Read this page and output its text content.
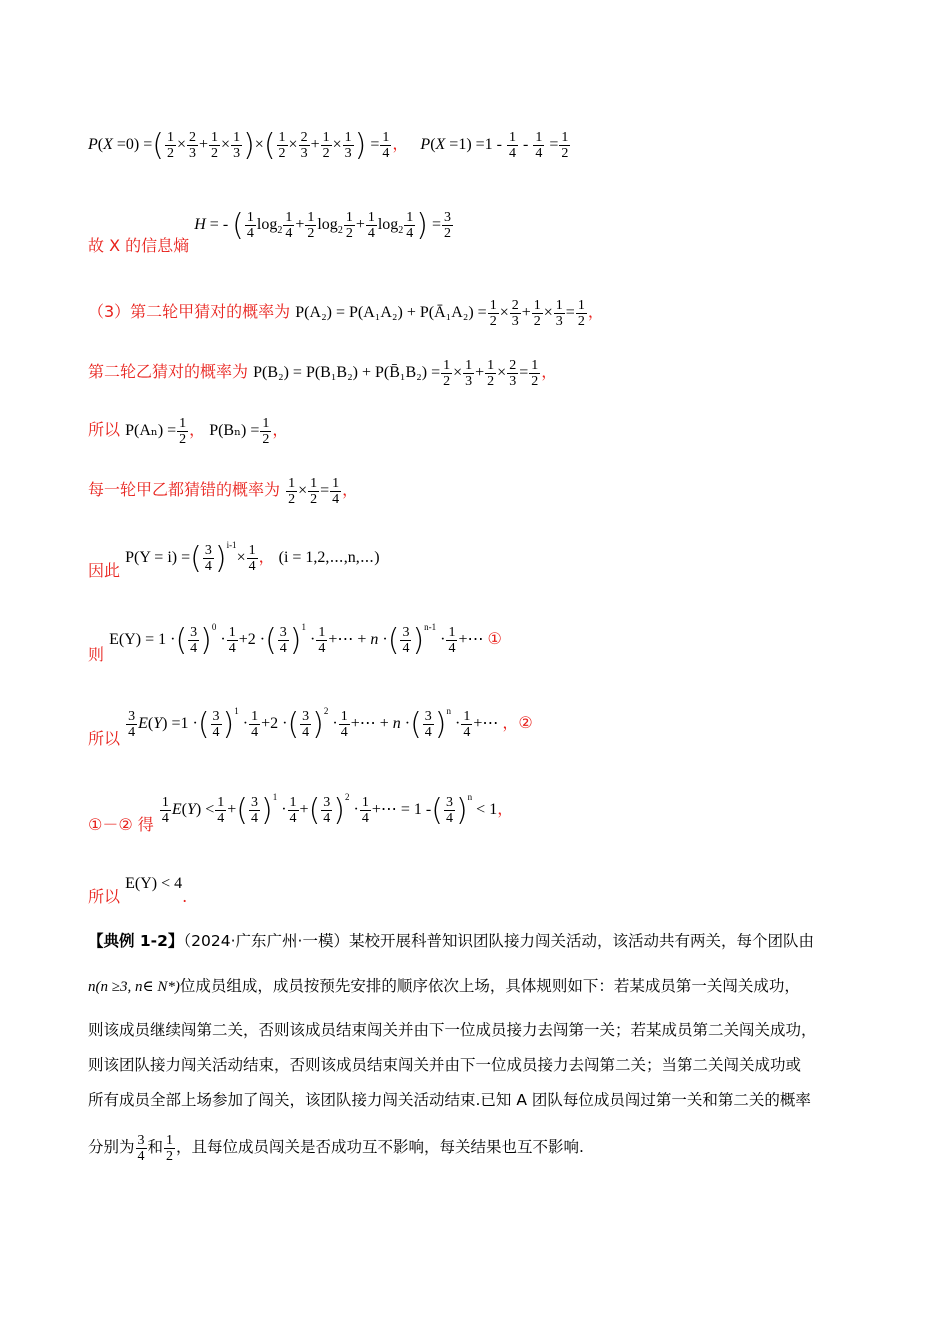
P(X =0) =( $\frac{1}{2} \times \frac{2}{3} + \frac{1}{2} \times \frac{1}{3}$ )×( $\frac{1}{2} \times \frac{2}{3} + \frac{1}{2} \times \frac{1}{3}$ ) = $\frac{1}{4}$ ， $P(X =1) =1 - \frac{1}{4} - \frac{1}{4} = \frac{1}{2}$
故 X 的信息熵 H = - ( $\frac{1}{4} \log_2 \frac{1}{4} + \frac{1}{2} \log_2 \frac{1}{2} + \frac{1}{4} \log_2 \frac{1}{4}$ ) = $\frac{3}{2}$
（3）第二轮甲猜对的概率为 P(A₂) = P(A₁A₂) + P(Ā₁A₂) = $\frac{1}{2} \times \frac{2}{3} + \frac{1}{2} \times \frac{1}{3} = \frac{1}{2}$ ，
第二轮乙猜对的概率为 P(B₂) = P(B₁B₂) + P(B̄₁B₂) = $\frac{1}{2} \times \frac{1}{3} + \frac{1}{2} \times \frac{2}{3} = \frac{1}{2}$ ，
所以 $P(A_n) = \frac{1}{2}$ ， $P(B_n) = \frac{1}{2}$ ，
每一轮甲乙都猜错的概率为 $\frac{1}{2} \times \frac{1}{2} = \frac{1}{4}$ ，
因此 P(Y = i) =( $\frac{3}{4} )^{i-1}\times \frac{1}{4}$ ， (i = 1,2,⋯,n,⋯)
则 E(Y) = 1 ·( $\frac{3}{4} )^0 \cdot \frac{1}{4} +2$ ·( $\frac{3}{4} )^1 \cdot \frac{1}{4}$ +⋯ + n ·( $\frac{3}{4} )^{n-1} \cdot \frac{1}{4}$ +⋯ ①
所以 $\frac{3}{4} E(Y) =1$ ·( $\frac{3}{4} )^1 \cdot \frac{1}{4} +2$ ·( $\frac{3}{4} )^2 \cdot \frac{1}{4}$ +⋯ + n ·( $\frac{3}{4} )^n \cdot \frac{1}{4}$ +⋯ ，②
①－② 得 $\frac{1}{4} E(Y) < \frac{1}{4}$ +( $\frac{3}{4} )^1 \cdot \frac{1}{4}$ +( $\frac{3}{4} )^2 \cdot \frac{1}{4}$ +⋯ = 1 -( $\frac{3}{4} )^n < 1$，
所以 E(Y) < 4.
【典例 1-2】（2024·广东广州·一模）某校开展科普知识团队接力闯关活动，该活动共有两关，每个团队由
n(n ≥3, n∈ N*)位成员组成，成员按预先安排的顺序依次上场，具体规则如下：若某成员第一关闯关成功，
则该成员继续闯第二关，否则该成员结束闯关并由下一位成员接力去闯第一关；若某成员第二关闯关成功，
则该团队接力闯关活动结束，否则该成员结束闯关并由下一位成员接力去闯第二关；当第二关闯关成功或
所有成员全部上场参加了闯关，该团队接力闯关活动结束.已知 A 团队每位成员闯过第一关和第二关的概率
分别为 $\frac{3}{4}$ 和 $\frac{1}{2}$ ，且每位成员闯关是否成功互不影响，每关结果也互不影响.
